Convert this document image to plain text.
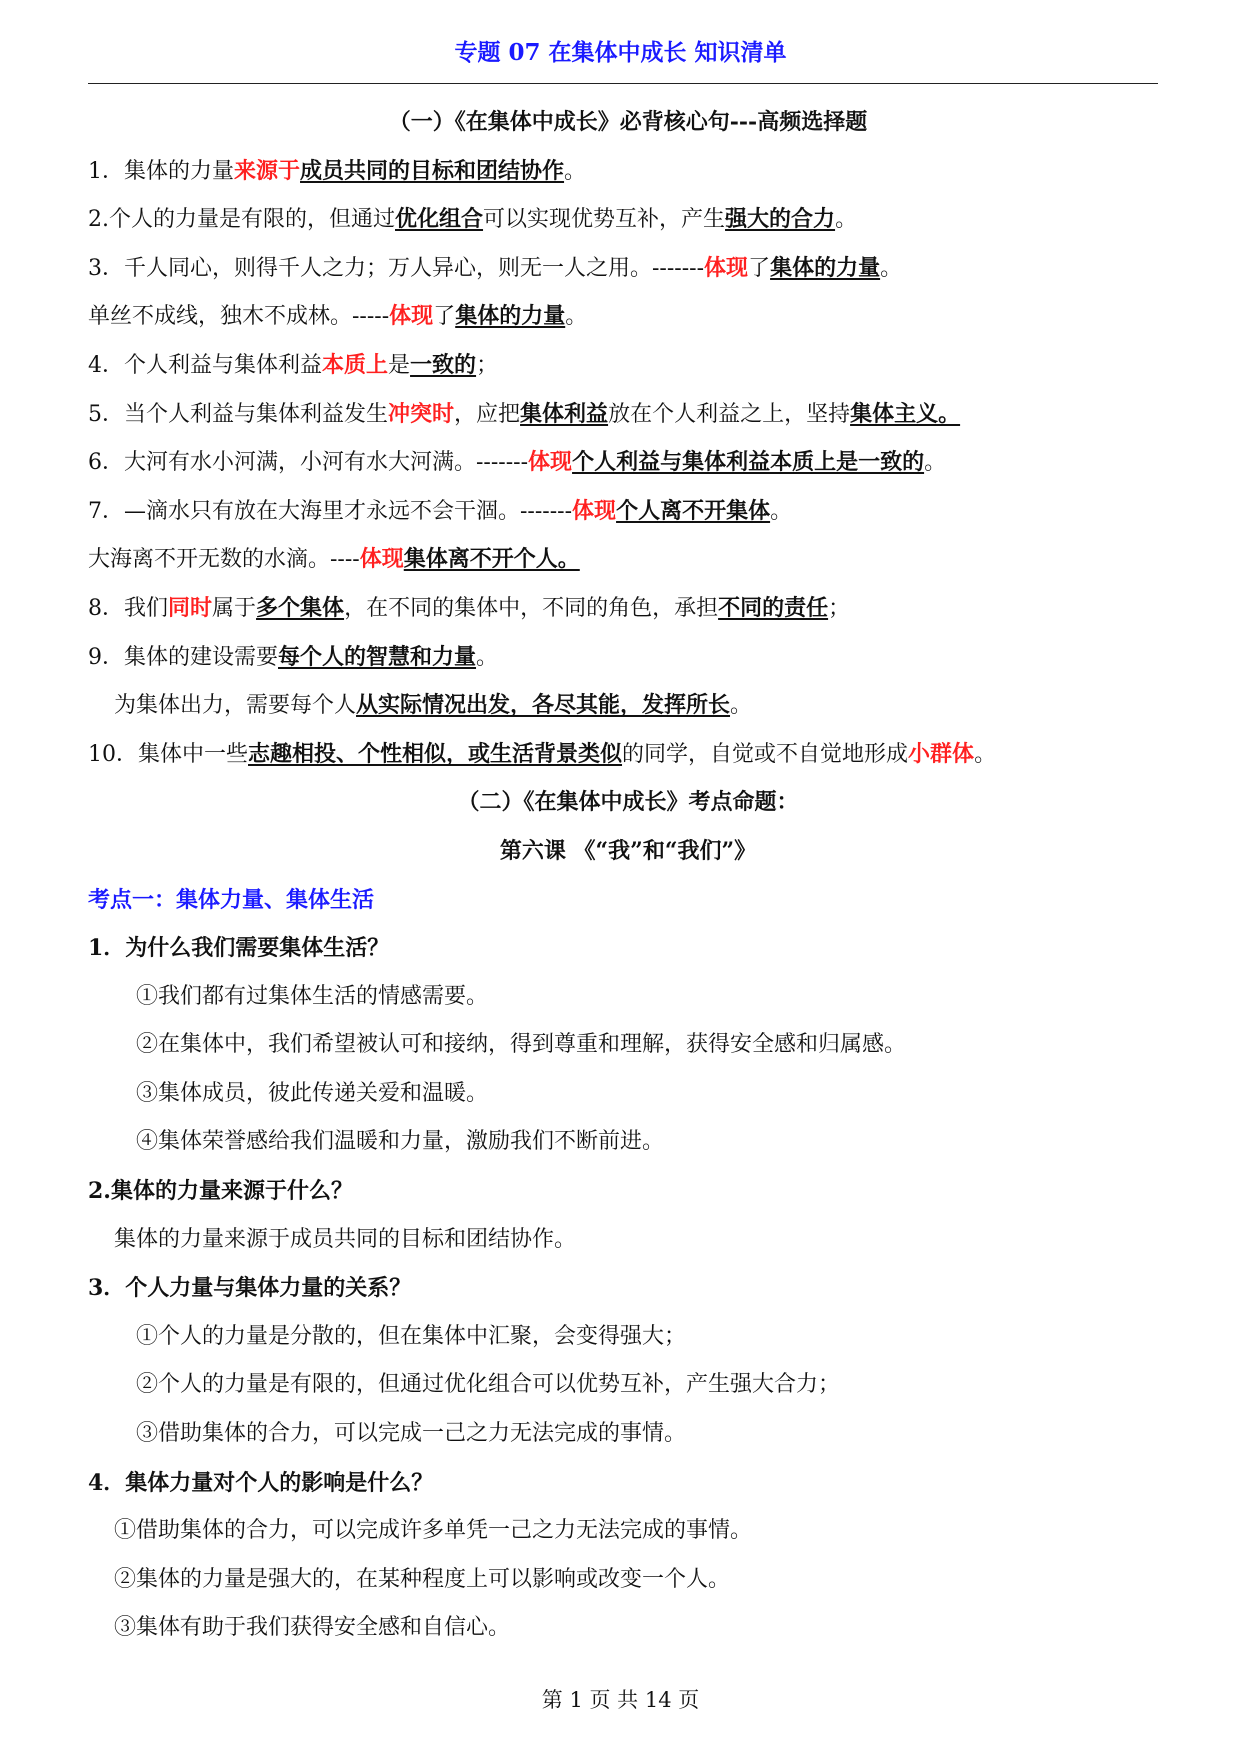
专题 07 在集体中成长 知识清单
（一）《在集体中成长》必背核心句---高频选择题
1．集体的力量来源于成员共同的目标和团结协作。
2.个人的力量是有限的，但通过优化组合可以实现优势互补，产生强大的合力。
3．千人同心，则得千人之力；万人异心，则无一人之用。-------体现了集体的力量。
单丝不成线，独木不成林。-----体现了集体的力量。
4．个人利益与集体利益本质上是一致的；
5．当个人利益与集体利益发生冲突时，应把集体利益放在个人利益之上，坚持集体主义。
6．大河有水小河满，小河有水大河满。-------体现个人利益与集体利益本质上是一致的。
7．—滴水只有放在大海里才永远不会干涸。-------体现个人离不开集体。
大海离不开无数的水滴。----体现集体离不开个人。
8．我们同时属于多个集体，在不同的集体中，不同的角色，承担不同的责任；
9．集体的建设需要每个人的智慧和力量。
为集体出力，需要每个人从实际情况出发，各尽其能，发挥所长。
10．集体中一些志趣相投、个性相似，或生活背景类似的同学，自觉或不自觉地形成小群体。
（二）《在集体中成长》考点命题：
第六课 《“我”和“我们”》
考点一：集体力量、集体生活
1．为什么我们需要集体生活？
①我们都有过集体生活的情感需要。
②在集体中，我们希望被认可和接纳，得到尊重和理解，获得安全感和归属感。
③集体成员，彼此传递关爱和温暖。
④集体荣誉感给我们温暖和力量，激励我们不断前进。
2.集体的力量来源于什么？
集体的力量来源于成员共同的目标和团结协作。
3．个人力量与集体力量的关系？
①个人的力量是分散的，但在集体中汇聚，会变得强大；
②个人的力量是有限的，但通过优化组合可以优势互补，产生强大合力；
③借助集体的合力，可以完成一己之力无法完成的事情。
4．集体力量对个人的影响是什么？
①借助集体的合力，可以完成许多单凭一己之力无法完成的事情。
②集体的力量是强大的，在某种程度上可以影响或改变一个人。
③集体有助于我们获得安全感和自信心。
第 1 页 共 14 页
